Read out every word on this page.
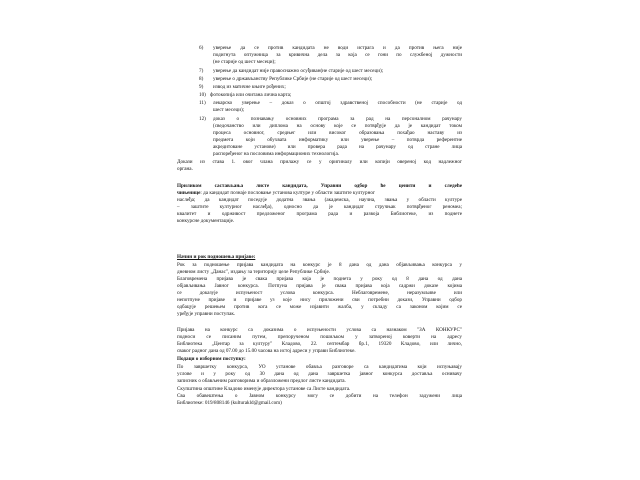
6) уверење да се против кандидата не води истрага и да против њега није
подигнута оптужница за кривична дела за која се гони по службеној дужности
(не старије од шест месеци);
7) уверење да кандидат није правоснажно осуђиван(не старије од шест месеци);
8) уверење о држављанству Републике Србије (не старије од шест месеци);
9) извод из матичне књиге рођених;
10) фотокопија или очитана лична карта;
11) лекарско уверење – доказ о општој здравственој способности (не старије од
шест месеци);
12) доказ о познавању основних програма за рад на персоналном рачунару
(сведочанство или диплома на основу које се потврђује да је кандидат током
процеса основног, средњег или високог образовања похађао наставу из
предмета који обухвата информатику или уверење – потврда референтне
акредитоване установе) или провера рада на рачунару од стране лица
распоређеног на пословима информационих технологија.
Докази из става 1. овог члана прилажу се у оригиналу или копији овереној код надлежног
органа.
Приликом састављања листе кандидата, Управни одбор ће ценити и следеће
чињенице: да кандидат познаје пословање установа културе у области заштите културног
наслеђа; да кандидат поседује додатна звања (академска, научна, звања у области културе
– заштите културног наслеђа), односно да је кандидат стручњак потврђеног реномеа;
квалитет и одрживост предложеног програма рада и развоја Библиотеке, из поднете
конкурсне документације.
Начин и рок подношења пријаве:
Рок за подношење пријава кандидата на конкурс је 8 дана од дана објављивања конкурса у
дневном листу „Данас", издању за територију целе Републике Србије.
Благовремена пријава је свака пријава која је поднета у року од 8 дана од дана
објављивања Јавног конкурса. Потпуна пријава је свака пријава која садржи доказе којима
се доказује испуњеност услова конкурса. Неблаговремене, неразумљиве или
непотпуне пријаве и пријаве уз које нису приложени сви потребни докази, Управни одбор
одбацује решењем против кога се може изјавити жалба, у складу са законом којим се
уређује управни поступак.
Пријава на конкурс са доказима о испуњености услова са назнаком "ЗА КОНКУРС"
подноси се писаним путем, препорученом пошиљком у затвореној коверти на адресу
Библиотека „Центар за културу" Кладово, 22. септембар бр.1, 19320 Кладово, или лично,
сваког радног дана од 07.00 до 15.00 часова на истој адреси у управи Библиотеке.
Подаци о изборном поступку:
По завршетку конкурса, УО установе обавља разговоре са кандидатима који испуњавају
услове и у року од 30 дана од дана завршетка јавног конкурса доставља оснивачу
записник о обављеним разговорима и образложени предлог листе кандидата.
Скупштина општине Кладово именује директора установе са Листе кандидата.
Сва обавештења о Јавном конкурсу могу се добити на телефон задужени лица
Библиотеке: 019/808146 (kulturakld@gmail.com)
